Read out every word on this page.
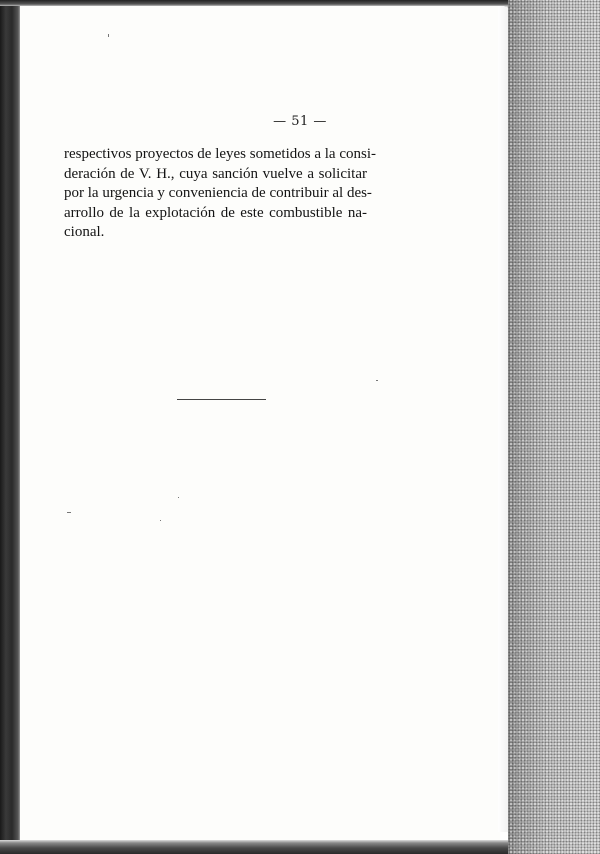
— 51 —
respectivos proyectos de leyes sometidos a la consi-
deración de V. H., cuya sanción vuelve a solicitar
por la urgencia y conveniencia de contribuir al des-
arrollo de la explotación de este combustible na-
cional.
